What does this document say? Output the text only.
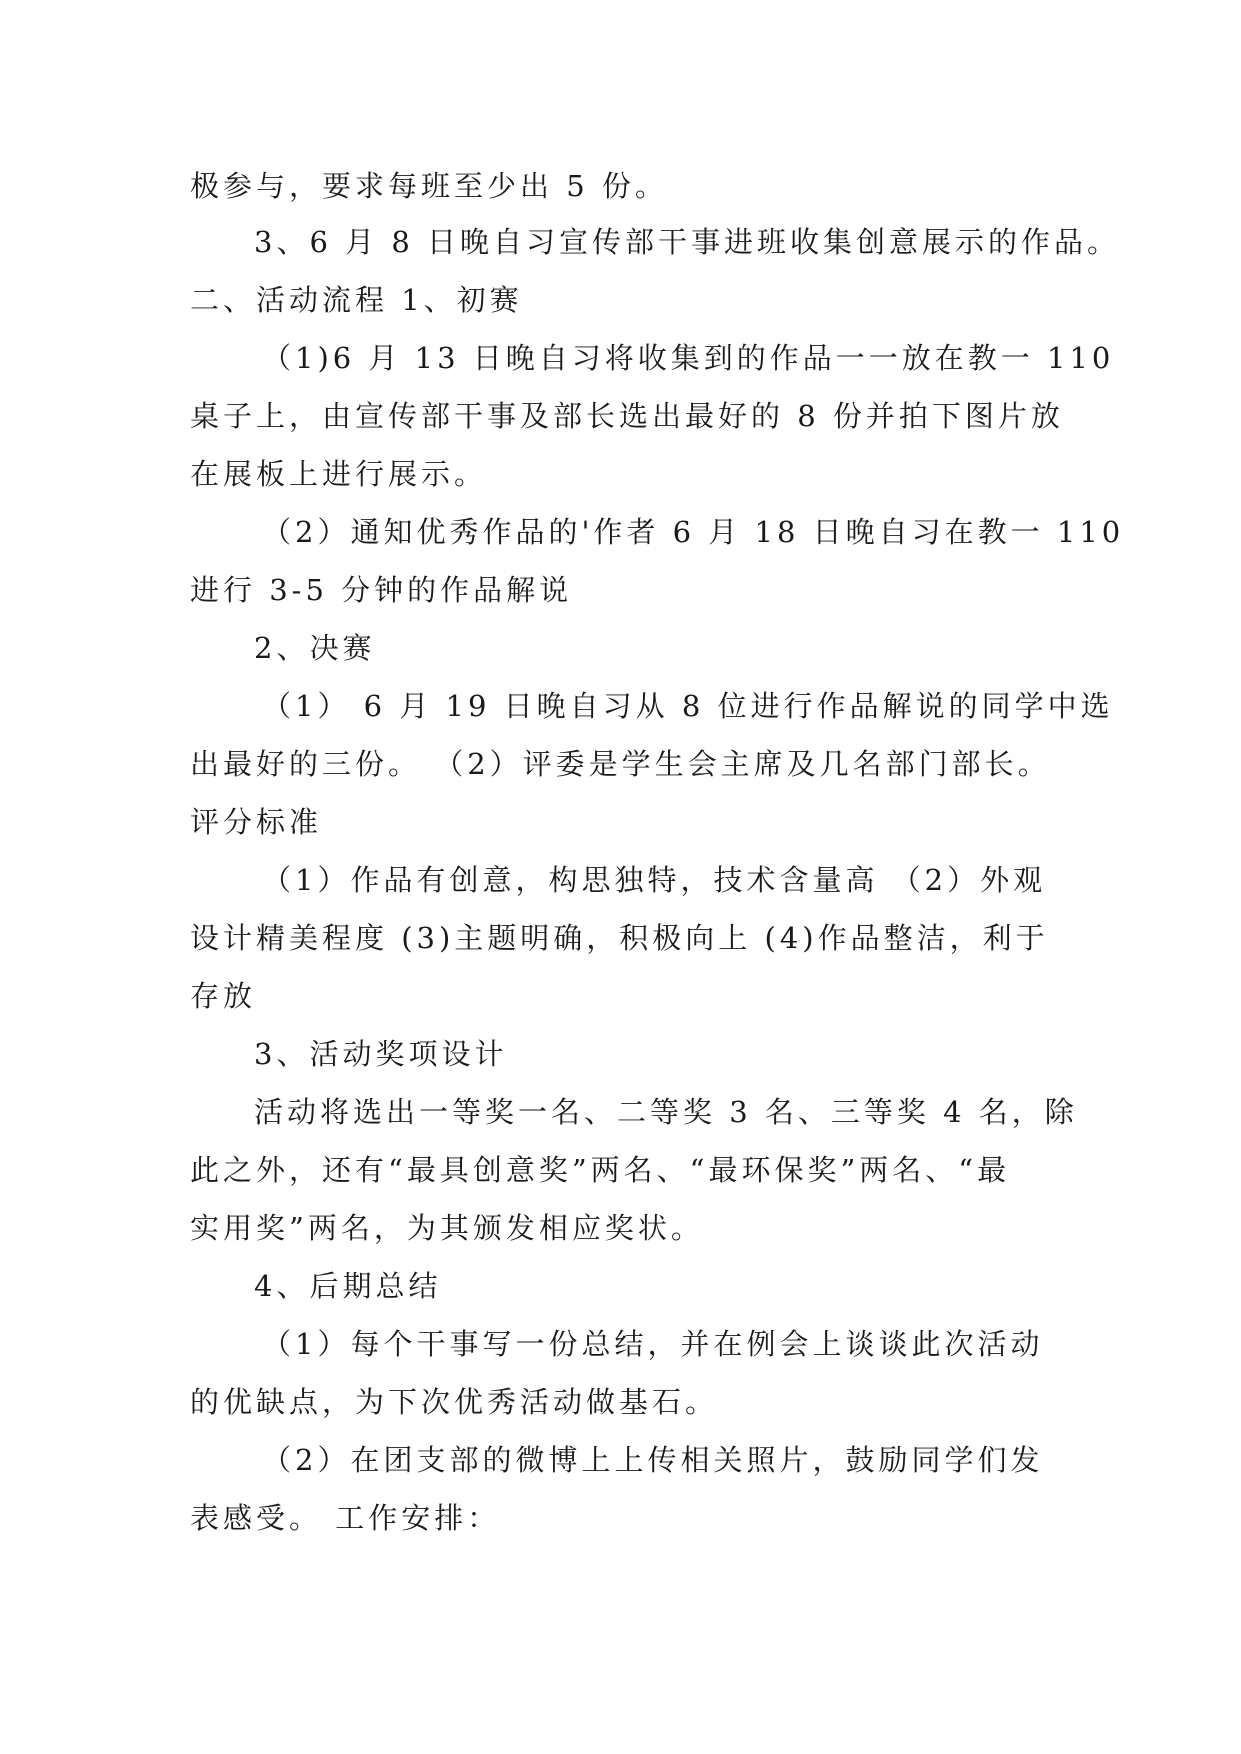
极参与，要求每班至少出 5 份。
3、6 月 8 日晚自习宣传部干事进班收集创意展示的作品。
二、活动流程 1、初赛
（1)6 月 13 日晚自习将收集到的作品一一放在教一 110
桌子上，由宣传部干事及部长选出最好的 8 份并拍下图片放
在展板上进行展示。
（2）通知优秀作品的'作者 6 月 18 日晚自习在教一 110
进行 3-5 分钟的作品解说
2、决赛
（1） 6 月 19 日晚自习从 8 位进行作品解说的同学中选
出最好的三份。 （2）评委是学生会主席及几名部门部长。
评分标准
（1）作品有创意，构思独特，技术含量高 （2）外观
设计精美程度 (3)主题明确，积极向上 (4)作品整洁，利于
存放
3、活动奖项设计
活动将选出一等奖一名、二等奖 3 名、三等奖 4 名，除
此之外，还有“最具创意奖”两名、“最环保奖”两名、“最
实用奖”两名，为其颁发相应奖状。
4、后期总结
（1）每个干事写一份总结，并在例会上谈谈此次活动
的优缺点，为下次优秀活动做基石。
（2）在团支部的微博上上传相关照片，鼓励同学们发
表感受。 工作安排：
